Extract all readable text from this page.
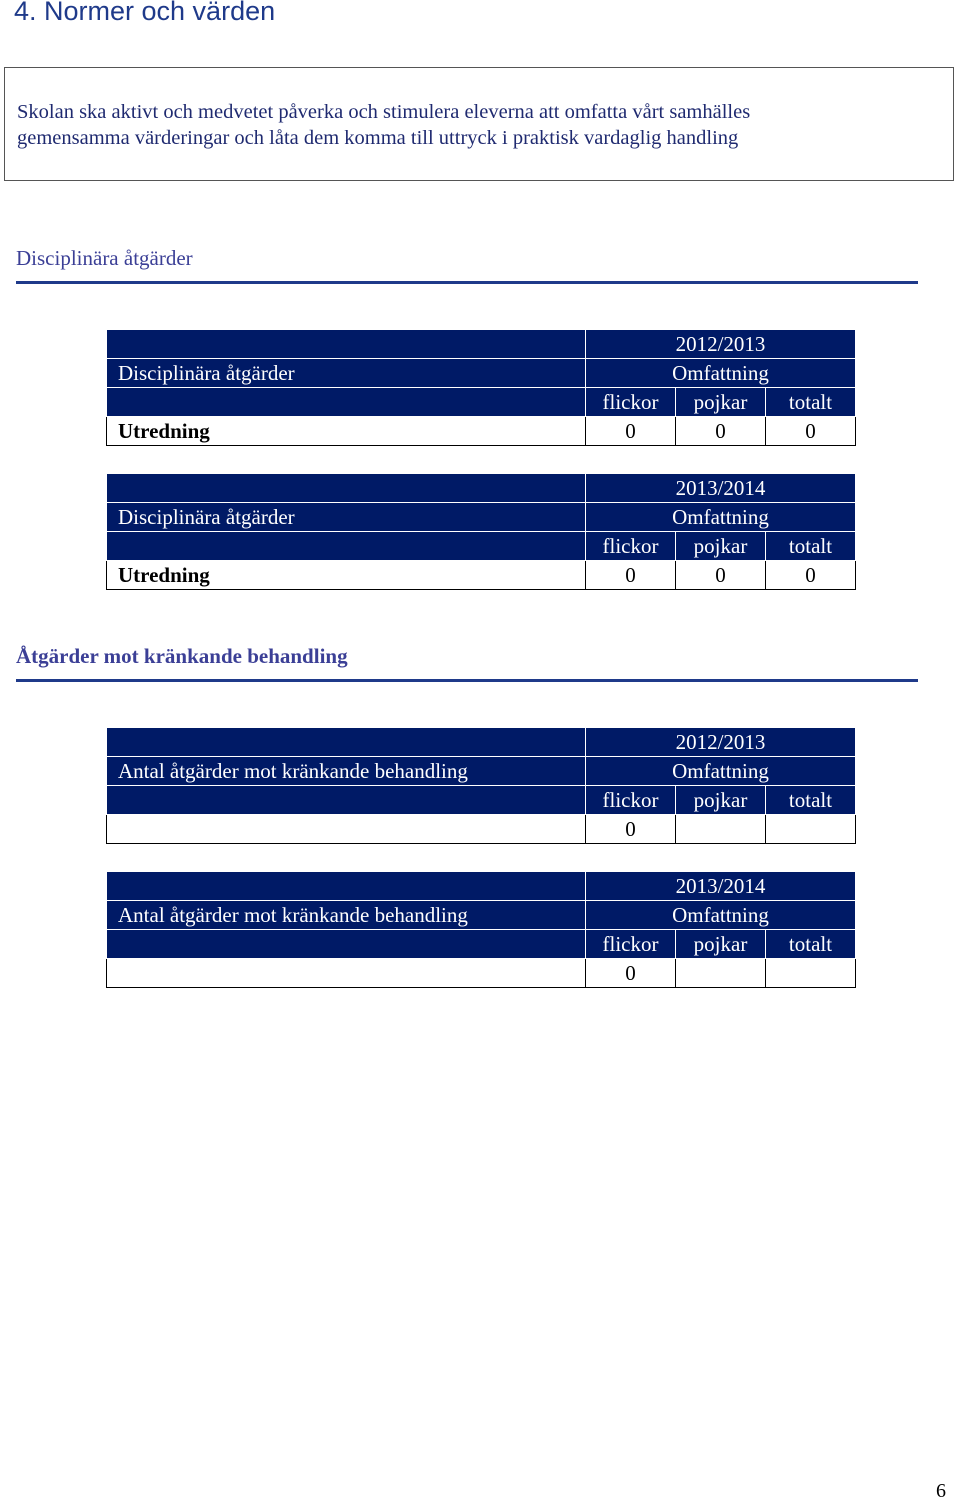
4. Normer och värden
Skolan ska aktivt och medvetet påverka och stimulera eleverna att omfatta vårt samhälles
gemensamma värderingar och låta dem komma till uttryck i praktisk vardaglig handling
Disciplinära åtgärder
	2012/2013		
Disciplinära åtgärder	Omfattning		
	flickor	pojkar	totalt
Utredning	0	0	0
	2013/2014		
Disciplinära åtgärder	Omfattning		
	flickor	pojkar	totalt
Utredning	0	0	0
Åtgärder mot kränkande behandling
	2012/2013		
Antal åtgärder mot kränkande behandling	Omfattning		
	flickor	pojkar	totalt
	0		
	2013/2014		
Antal åtgärder mot kränkande behandling	Omfattning		
	flickor	pojkar	totalt
	0		
6
